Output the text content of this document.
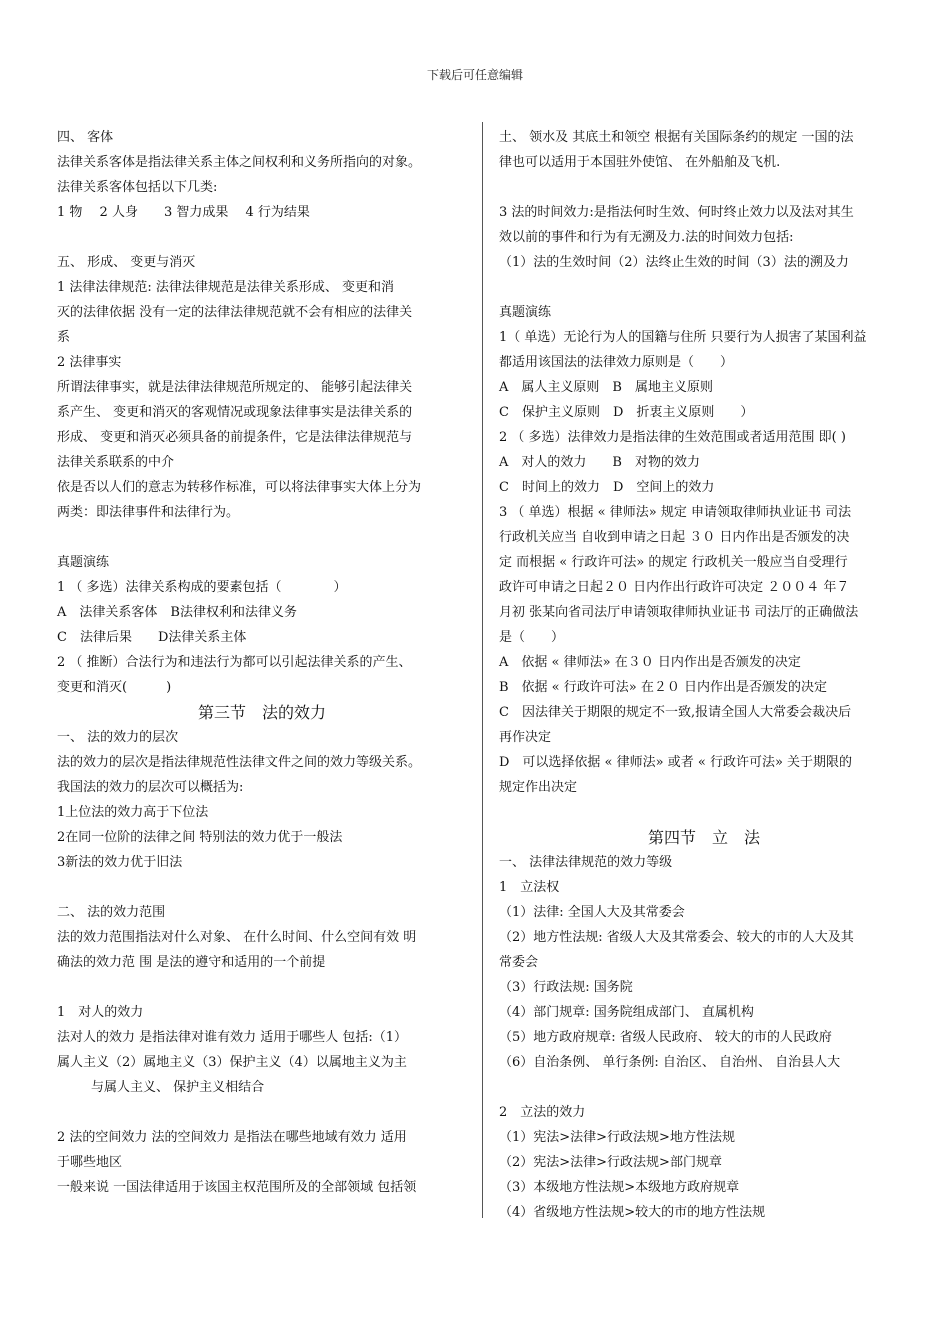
下载后可任意编辑
四、 客体
法律关系客体是指法律关系主体之间权利和义务所指向的对象。
法律关系客体包括以下几类:
1 物　 2 人身　　3 智力成果　 4 行为结果
五、 形成、 变更与消灭
1 法律法律规范: 法律法律规范是法律关系形成、 变更和消
灭的法律依据 没有一定的法律法律规范就不会有相应的法律关
系
2 法律事实
所谓法律事实，就是法律法律规范所规定的、 能够引起法律关
系产生、 变更和消灭的客观情况或现象法律事实是法律关系的
形成、 变更和消灭必须具备的前提条件，它是法律法律规范与
法律关系联系的中介
依是否以人们的意志为转移作标准，可以将法律事实大体上分为
两类：即法律事件和法律行为。
真题演练
1 （ 多选）法律关系构成的要素包括（　　　　）
A　法律关系客体　B法律权利和法律义务
C　法律后果　　D法律关系主体
2 （ 推断）合法行为和违法行为都可以引起法律关系的产生、
变更和消灭(　　　)
第三节　法的效力
一、 法的效力的层次
法的效力的层次是指法律规范性法律文件之间的效力等级关系。
我国法的效力的层次可以概括为:
1上位法的效力高于下位法
2在同一位阶的法律之间 特别法的效力优于一般法
3新法的效力优于旧法
二、 法的效力范围
法的效力范围指法对什么对象、 在什么时间、什么空间有效 明
确法的效力范 围 是法的遵守和适用的一个前提
1　对人的效力
法对人的效力 是指法律对谁有效力 适用于哪些人 包括:（1）
属人主义（2）属地主义（3）保护主义（4）以属地主义为主
与属人主义、 保护主义相结合
2 法的空间效力 法的空间效力 是指法在哪些地域有效力 适用
于哪些地区
一般来说 一国法律适用于该国主权范围所及的全部领域 包括领
土、 领水及 其底土和领空 根据有关国际条约的规定 一国的法
律也可以适用于本国驻外使馆、 在外船舶及飞机.
3 法的时间效力:是指法何时生效、何时终止效力以及法对其生
效以前的事件和行为有无溯及力.法的时间效力包括:
（1）法的生效时间（2）法终止生效的时间（3）法的溯及力
真题演练
1（ 单选）无论行为人的国籍与住所 只要行为人损害了某国利益
都适用该国法的法律效力原则是（　　）
A　属人主义原则　B　属地主义原则
C　保护主义原则　D　折衷主义原则　　）
2 （ 多选）法律效力是指法律的生效范围或者适用范围 即( )
A　对人的效力　　B　对物的效力
C　时间上的效力　D　空间上的效力
3 （ 单选）根据 « 律师法» 规定 申请领取律师执业证书 司法
行政机关应当 自收到申请之日起 ３０ 日内作出是否颁发的决
定 而根据 « 行政许可法» 的规定 行政机关一般应当自受理行
政许可申请之日起２０ 日内作出行政许可决定 ２００４ 年７
月初 张某向省司法厅申请领取律师执业证书 司法厅的正确做法
是（　　）
A　依据 « 律师法» 在３０ 日内作出是否颁发的决定
B　依据 « 行政许可法» 在２０ 日内作出是否颁发的决定
C　因法律关于期限的规定不一致,报请全国人大常委会裁决后
再作决定
D　可以选择依据 « 律师法» 或者 « 行政许可法» 关于期限的
规定作出决定
第四节　立　法
一、 法律法律规范的效力等级
1　立法权
（1）法律: 全国人大及其常委会
（2）地方性法规: 省级人大及其常委会、较大的市的人大及其
常委会
（3）行政法规: 国务院
（4）部门规章: 国务院组成部门、 直属机构
（5）地方政府规章: 省级人民政府、 较大的市的人民政府
（6）自治条例、 单行条例: 自治区、 自治州、 自治县人大
2　立法的效力
（1）宪法>法律>行政法规>地方性法规
（2）宪法>法律>行政法规>部门规章
（3）本级地方性法规>本级地方政府规章
（4）省级地方性法规>较大的市的地方性法规
